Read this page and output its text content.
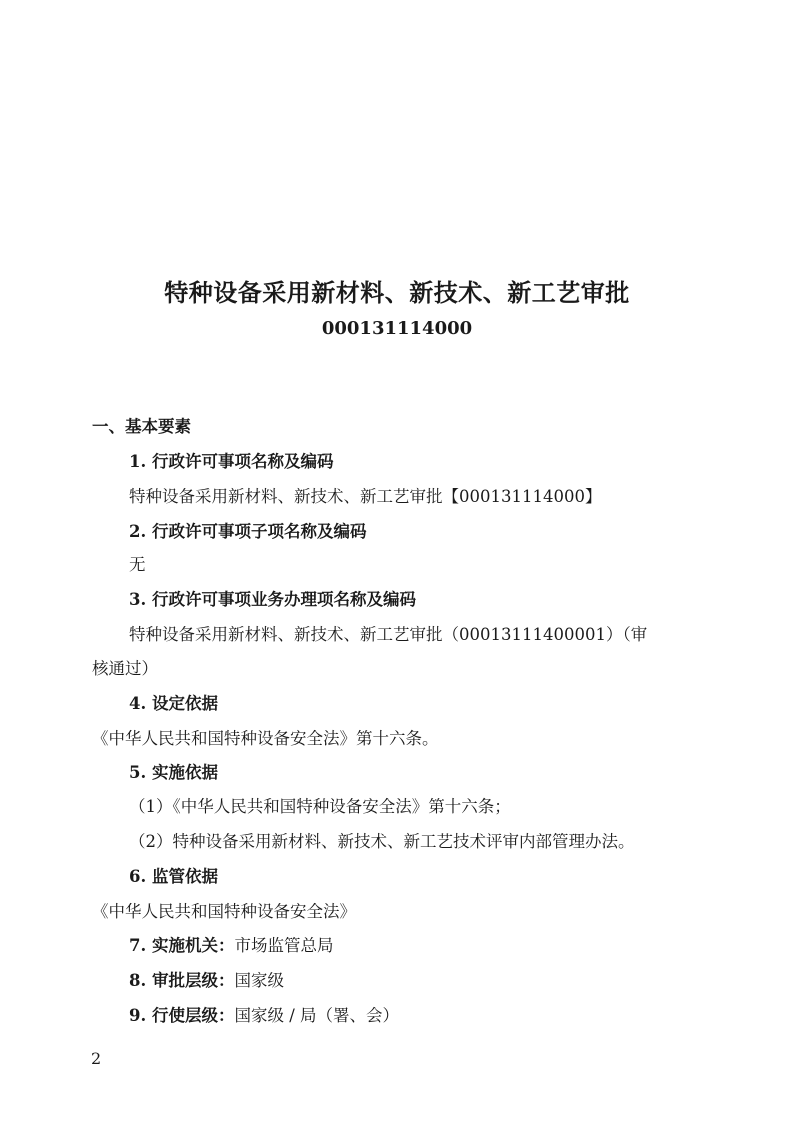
特种设备采用新材料、新技术、新工艺审批
000131114000
一、基本要素
1. 行政许可事项名称及编码
特种设备采用新材料、新技术、新工艺审批【000131114000】
2. 行政许可事项子项名称及编码
无
3. 行政许可事项业务办理项名称及编码
特种设备采用新材料、新技术、新工艺审批（00013111400001）（审
核通过）
4. 设定依据
《中华人民共和国特种设备安全法》第十六条。
5. 实施依据
（1）《中华人民共和国特种设备安全法》第十六条；
（2）特种设备采用新材料、新技术、新工艺技术评审内部管理办法。
6. 监管依据
《中华人民共和国特种设备安全法》
7. 实施机关：市场监管总局
8. 审批层级：国家级
9. 行使层级：国家级 / 局（署、会）
2
